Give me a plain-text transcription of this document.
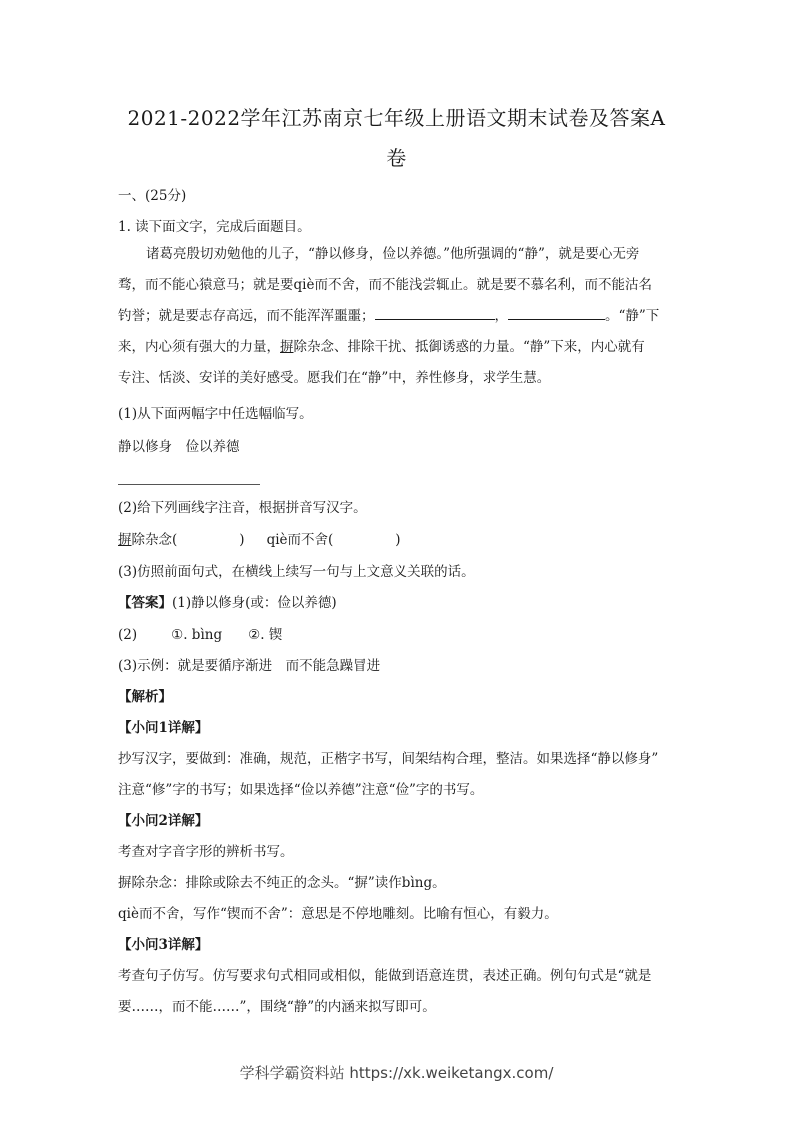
2021-2022学年江苏南京七年级上册语文期末试卷及答案A
卷
一、(25分)
1. 读下面文字，完成后面题目。
诸葛亮殷切劝勉他的儿子，“静以修身，俭以养德。”他所强调的“静”，就是要心无旁
骛，而不能心猿意马；就是要qiè而不舍，而不能浅尝辄止。就是要不慕名利，而不能沽名
钓誉；就是要志存高远，而不能浑浑噩噩；	，	。“静”下
来，内心须有强大的力量，摒除杂念、排除干扰、抵御诱惑的力量。“静”下来，内心就有
专注、恬淡、安详的美好感受。愿我们在“静”中，养性修身，求学生慧。
(1)从下面两幅字中任选幅临写。
静以修身　俭以养德
(2)给下列画线字注音，根据拼音写汉字。
摒除杂念(	) qiè而不舍(	)
(3)仿照前面句式，在横线上续写一句与上文意义关联的话。
【答案】(1)静以修身(或：俭以养德)
(2)	①. bìng ②. 锲
(3)示例：就是要循序渐进　而不能急躁冒进
【解析】
【小问1详解】
抄写汉字，要做到：准确，规范，正楷字书写，间架结构合理，整洁。如果选择“静以修身”
注意“修”字的书写；如果选择“俭以养德”注意“俭”字的书写。
【小问2详解】
考查对字音字形的辨析书写。
摒除杂念：排除或除去不纯正的念头。“摒”读作bìng。
qiè而不舍，写作“锲而不舍”：意思是不停地雕刻。比喻有恒心，有毅力。
【小问3详解】
考查句子仿写。仿写要求句式相同或相似，能做到语意连贯，表述正确。例句句式是“就是
要……，而不能……”，围绕“静”的内涵来拟写即可。
学科学霸资料站 https://xk.weiketangx.com/
